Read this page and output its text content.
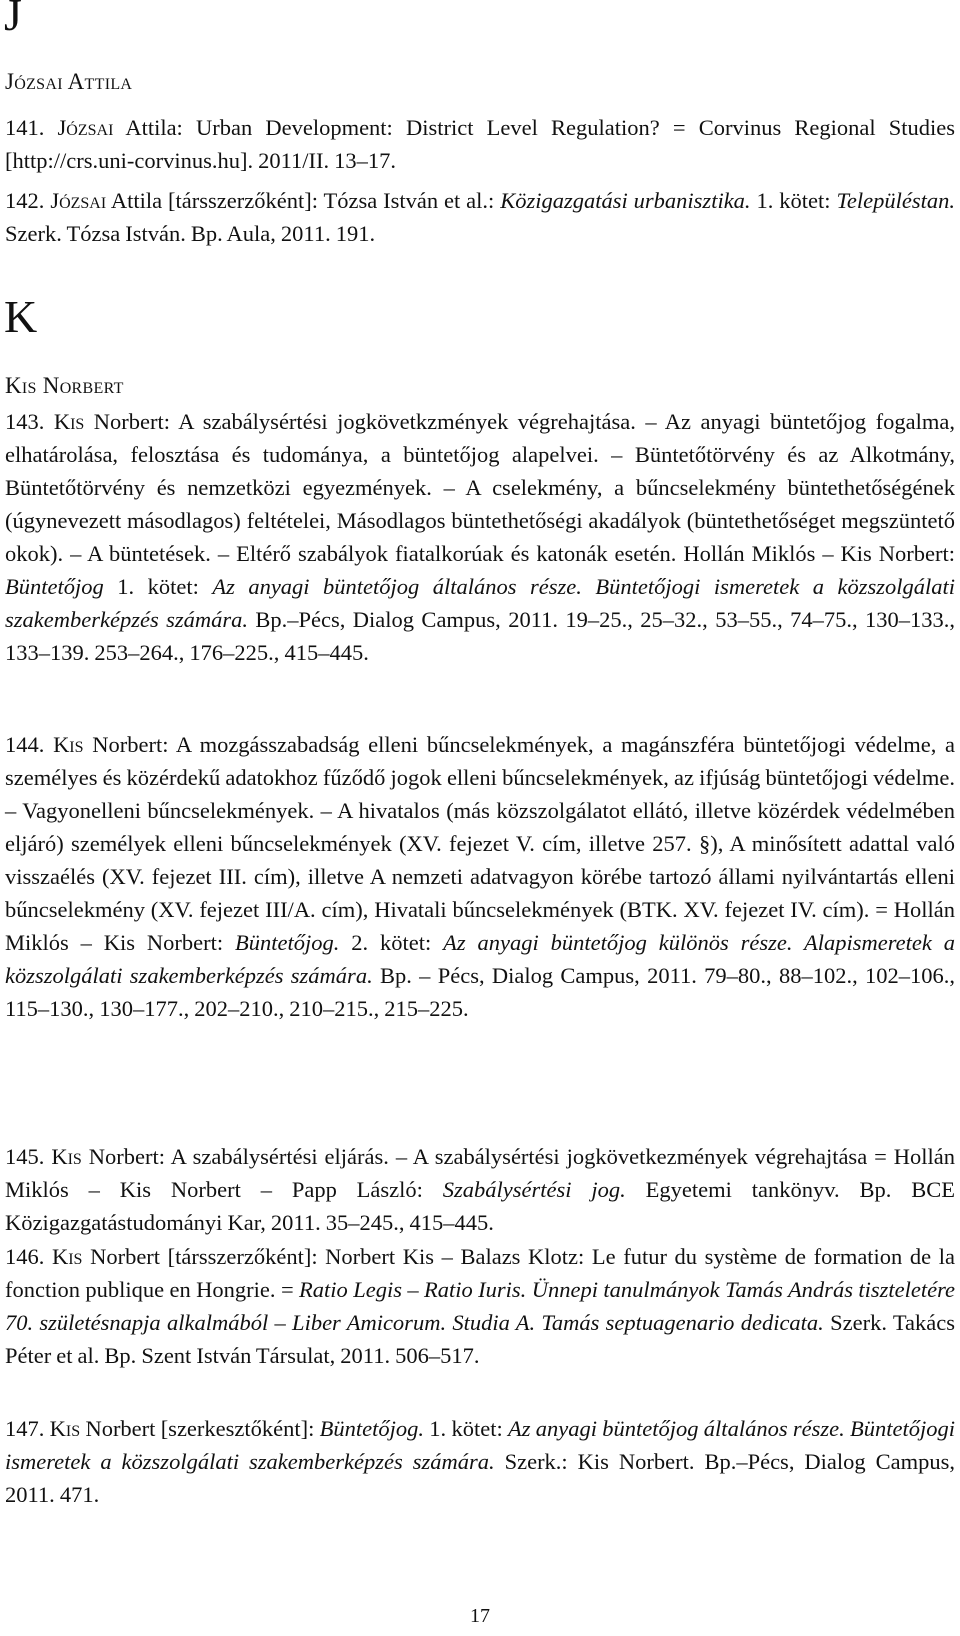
J
Józsai Attila
141. Józsai Attila: Urban Development: District Level Regulation? = Corvinus Regional Studies [http://crs.uni-corvinus.hu]. 2011/II. 13–17.
142. Józsai Attila [társszerzőként]: Tózsa István et al.: Közigazgatási urbanisztika. 1. kötet: Településtan. Szerk. Tózsa István. Bp. Aula, 2011. 191.
K
Kis Norbert
143. Kis Norbert: A szabálysértési jogkövetkzmények végrehajtása. – Az anyagi büntetőjog fogalma, elhatárolása, felosztása és tudománya, a büntetőjog alapelvei. – Büntetőtörvény és az Alkotmány, Büntetőtörvény és nemzetközi egyezmények. – A cselekmény, a bűncselekmény büntethetőségének (úgynevezett másodlagos) feltételei, Másodlagos büntethetőségi akadályok (büntethetőséget megszüntető okok). – A büntetések. – Eltérő szabályok fiatalkorúak és katonák esetén. Hollán Miklós – Kis Norbert: Büntetőjog 1. kötet: Az anyagi büntetőjog általános része. Büntetőjogi ismeretek a közszolgálati szakemberképzés számára. Bp.–Pécs, Dialog Campus, 2011. 19–25., 25–32., 53–55., 74–75., 130–133., 133–139. 253–264., 176–225., 415–445.
144. Kis Norbert: A mozgásszabadság elleni bűncselekmények, a magánszféra büntetőjogi védelme, a személyes és közérdekű adatokhoz fűződő jogok elleni bűncselekmények, az ifjúság büntetőjogi védelme. – Vagyonelleni bűncselekmények. – A hivatalos (más közszolgálatot ellátó, illetve közérdek védelmében eljáró) személyek elleni bűncselekmények (XV. fejezet V. cím, illetve 257. §), A minősített adattal való visszaélés (XV. fejezet III. cím), illetve A nemzeti adatvagyon körébe tartozó állami nyilvántartás elleni bűncselekmény (XV. fejezet III/A. cím), Hivatali bűncselekmények (BTK. XV. fejezet IV. cím). = Hollán Miklós – Kis Norbert: Büntetőjog. 2. kötet: Az anyagi büntetőjog különös része. Alapismeretek a közszolgálati szakemberképzés számára. Bp. – Pécs, Dialog Campus, 2011. 79–80., 88–102., 102–106., 115–130., 130–177., 202–210., 210–215., 215–225.
145. Kis Norbert: A szabálysértési eljárás. – A szabálysértési jogkövetkezmények végrehajtása = Hollán Miklós – Kis Norbert – Papp László: Szabálysértési jog. Egyetemi tankönyv. Bp. BCE Közigazgatástudományi Kar, 2011. 35–245., 415–445.
146. Kis Norbert [társszerzőként]: Norbert Kis – Balazs Klotz: Le futur du système de formation de la fonction publique en Hongrie. = Ratio Legis – Ratio Iuris. Ünnepi tanulmányok Tamás András tiszteletére 70. születésnapja alkalmából – Liber Amicorum. Studia A. Tamás septuagenario dedicata. Szerk. Takács Péter et al. Bp. Szent István Társulat, 2011. 506–517.
147. Kis Norbert [szerkesztőként]: Büntetőjog. 1. kötet: Az anyagi büntetőjog általános része. Büntetőjogi ismeretek a közszolgálati szakemberképzés számára. Szerk.: Kis Norbert. Bp.–Pécs, Dialog Campus, 2011. 471.
17
